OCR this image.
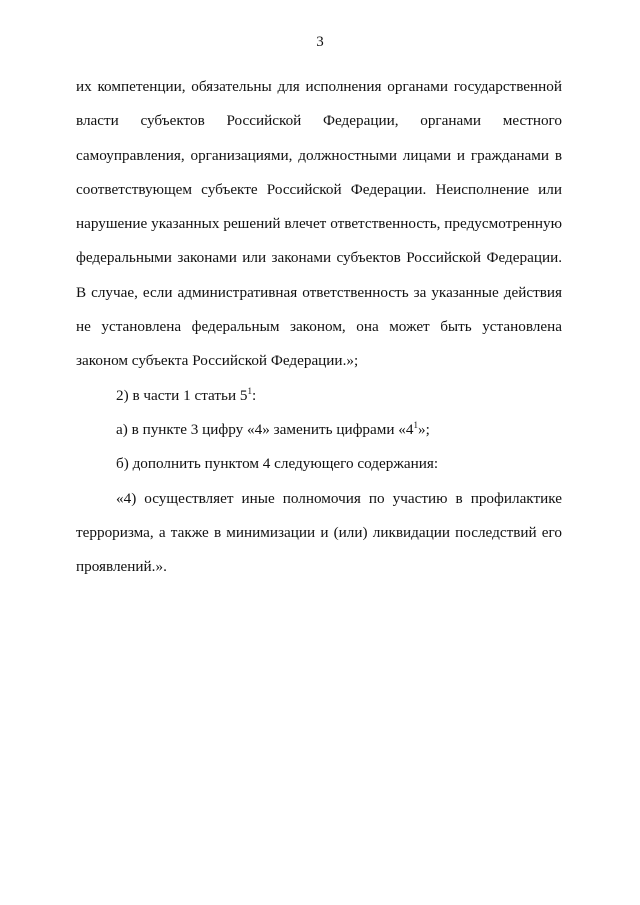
3
их компетенции, обязательны для исполнения органами государственной
власти субъектов Российской Федерации, органами местного
самоуправления, организациями, должностными лицами и гражданами в
соответствующем субъекте Российской Федерации. Неисполнение или
нарушение указанных решений влечет ответственность, предусмотренную
федеральными законами или законами субъектов Российской Федерации.
В случае, если административная ответственность за указанные действия
не установлена федеральным законом, она может быть установлена
законом субъекта Российской Федерации.»;
2) в части 1 статьи $5^1$:
а) в пункте 3 цифру «4» заменить цифрами «$4^1$»;
б) дополнить пунктом 4 следующего содержания:
«4) осуществляет иные полномочия по участию в профилактике
терроризма, а также в минимизации и (или) ликвидации последствий его
проявлений.».
